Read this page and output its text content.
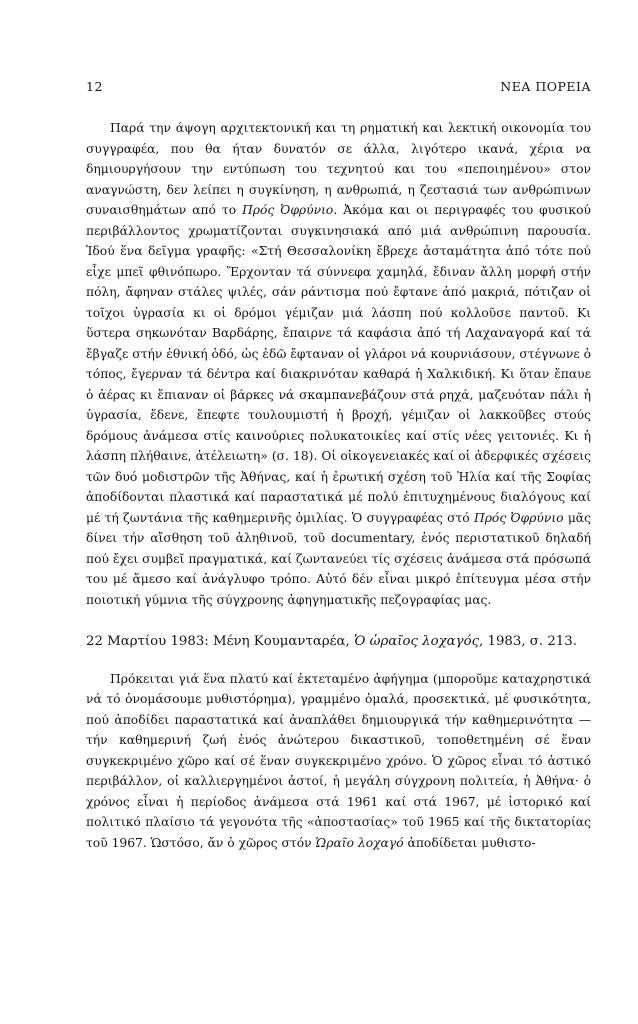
12	ΝΕΑ ΠΟΡΕΙΑ

Παρά την άψογη αρχιτεκτονική και τη ρηματική και λεκτική οικονομία του συγγραφέα, που θα ήταν δυνατόν σε άλλα, λιγότερο ικανά, χέρια να δημιουργήσουν την εντύπωση του τεχνητού και του «πεποιημένου» στον αναγνώστη, δεν λείπει η συγκίνηση, η ανθρωπιά, η ζεστασιά των ανθρώπινων συναισθημάτων από το Πρός Ὀφρύνιο. Ἀκόμα και οι περιγραφές του φυσικού περιβάλλοντος χρωματίζονται συγκινησιακά από μιά ανθρώπινη παρουσία. Ἰδού ἕνα δεῖγμα γραφῆς: «Στή Θεσσαλονίκη ἔβρεχε ἀσταμάτητα ἀπό τότε πού εἶχε μπεῖ φθινόπωρο. Ἔρχονταν τά σύννεφα χαμηλά, ἔδιναν ἄλλη μορφή στήν πόλη, ἄφηναν στάλες ψιλές, σάν ράντισμα πού ἔφτανε ἀπό μακριά, πότιζαν οἱ τοῖχοι ὑγρασία κι οἱ δρόμοι γέμιζαν μιά λάσπη πού κολλοῦσε παντοῦ. Κι ὕστερα σηκωνόταν Βαρδάρης, ἔπαιρνε τά καφάσια ἀπό τή Λαχαναγορά καί τά ἔβγαζε στήν ἐθνική ὁδό, ὡς ἐδῶ ἔφταναν οἱ γλάροι νά κουρνιάσουν, στέγνωνε ὁ τόπος, ἔγερναν τά δέντρα καί διακρινόταν καθαρά ἡ Χαλκιδική. Κι ὅταν ἔπαυε ὁ ἀέρας κι ἔπιαναν οἱ βάρκες νά σκαμπανεβάζουν στά ρηχά, μαζευόταν πάλι ἡ ὑγρασία, ἔδενε, ἔπεφτε τουλουμιστή ἡ βροχή, γέμιζαν οἱ λακκοῦβες στούς δρόμους ἀνάμεσα στίς καινούριες πολυκατοικίες καί στίς νέες γειτονιές. Κι ἡ λάσπη πλήθαινε, ἀτέλειωτη» (σ. 18). Οἱ οἰκογενειακές καί οἱ ἀδερφικές σχέσεις τῶν δυό μοδιστρῶν τῆς Ἀθήνας, καί ἡ ἐρωτική σχέση τοῦ Ἠλία καί τῆς Σοφίας ἀποδίδονται πλαστικά καί παραστατικά μέ πολύ ἐπιτυχημένους διαλόγους καί μέ τή ζωντάνια τῆς καθημερινῆς ὁμιλίας. Ὁ συγγραφέας στό Πρός Ὀφρύνιο μᾶς δίνει τήν αἴσθηση τοῦ ἀληθινοῦ, τοῦ documentary, ἑνός περιστατικοῦ δηλαδή πού ἔχει συμβεῖ πραγματικά, καί ζωντανεύει τίς σχέσεις ἀνάμεσα στά πρόσωπά του μέ ἄμεσο καί ἀνάγλυφο τρόπο. Αὐτό δέν εἶναι μικρό ἐπίτευγμα μέσα στήν ποιοτική γύμνια τῆς σύγχρονης ἀφηγηματικῆς πεζογραφίας μας.

22 Μαρτίου 1983: Μένη Κουμανταρέα, Ὁ ὡραῖος λοχαγός, 1983, σ. 213.

Πρόκειται γιά ἕνα πλατύ καί ἐκτεταμένο ἀφήγημα (μποροῦμε καταχρηστικά νά τό ὀνομάσουμε μυθιστόρημα), γραμμένο ὁμαλά, προσεκτικά, μέ φυσικότητα, πού ἀποδίδει παραστατικά καί ἀναπλάθει δημιουργικά τήν καθημερινότητα —τήν καθημερινή ζωή ἑνός ἀνώτερου δικαστικοῦ, τοποθετημένη σέ ἕναν συγκεκριμένο χῶρο καί σέ ἕναν συγκεκριμένο χρόνο. Ὁ χῶρος εἶναι τό ἀστικό περιβάλλον, οἱ καλλιεργημένοι ἀστοί, ἡ μεγάλη σύγχρονη πολιτεία, ἡ Ἀθήνα· ὁ χρόνος εἶναι ἡ περίοδος ἀνάμεσα στά 1961 καί στά 1967, μέ ἱστορικό καί πολιτικό πλαίσιο τά γεγονότα τῆς «ἀποστασίας» τοῦ 1965 καί τῆς δικτατορίας τοῦ 1967. Ὡστόσο, ἄν ὁ χῶρος στόν Ὡραῖο λοχαγό ἀποδίδεται μυθιστο-
